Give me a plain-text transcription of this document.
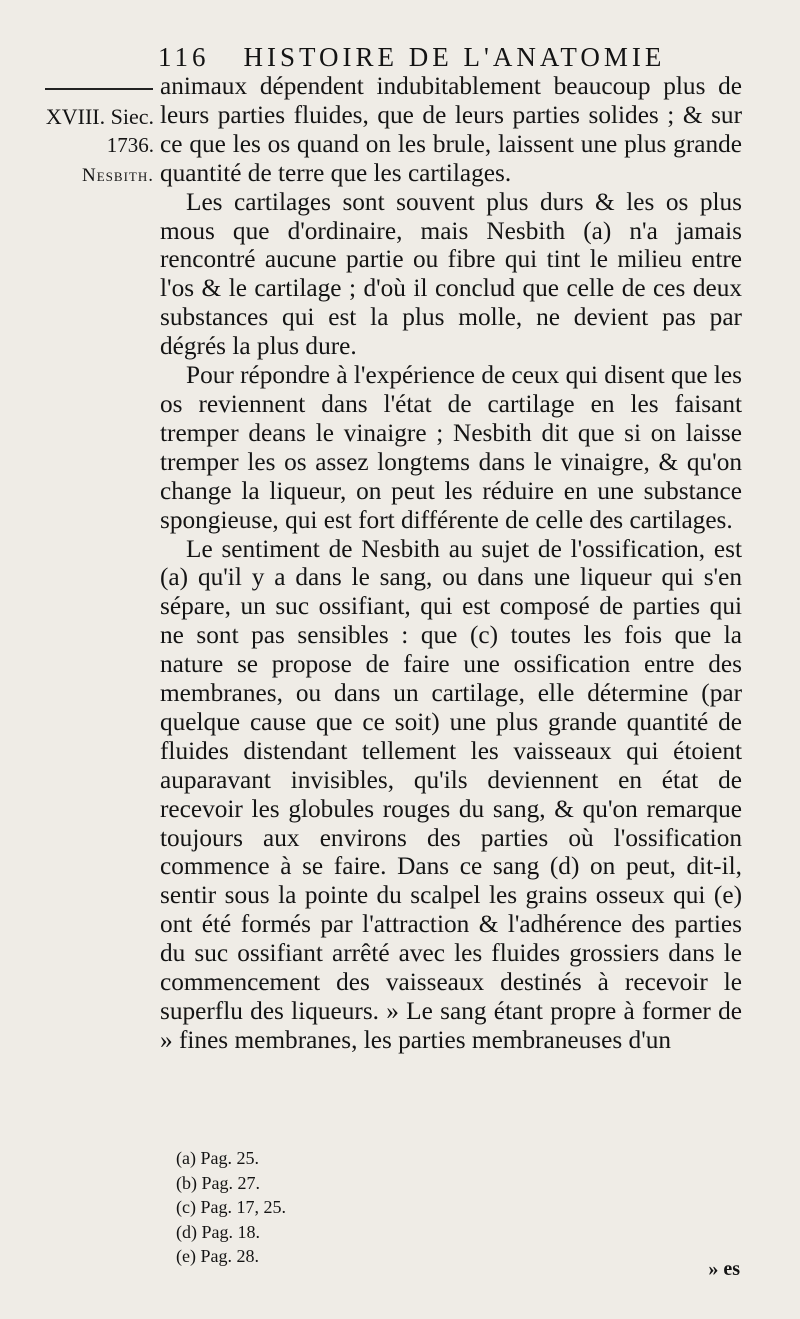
116 HISTOIRE DE L'ANATOMIE
XVIII. Siec.
1736.
Nesbith.

animaux dépendent indubitablement beaucoup plus de leurs parties fluides, que de leurs parties solides ; & sur ce que les os quand on les brule, laissent une plus grande quantité de terre que les cartilages.

Les cartilages sont souvent plus durs & les os plus mous que d'ordinaire, mais Nesbith (a) n'a jamais rencontré aucune partie ou fibre qui tint le milieu entre l'os & le cartilage ; d'où il conclud que celle de ces deux substances qui est la plus molle, ne devient pas par dégrés la plus dure.

Pour répondre à l'expérience de ceux qui disent que les os reviennent dans l'état de cartilage en les faisant tremper deans le vinaigre ; Nesbith dit que si on laisse tremper les os assez longtems dans le vinaigre, & qu'on change la liqueur, on peut les réduire en une substance spongieuse, qui est fort différente de celle des cartilages.

Le sentiment de Nesbith au sujet de l'ossification, est (a) qu'il y a dans le sang, ou dans une liqueur qui s'en sépare, un suc ossifiant, qui est composé de parties qui ne sont pas sensibles : que (c) toutes les fois que la nature se propose de faire une ossification entre des membranes, ou dans un cartilage, elle détermine (par quelque cause que ce soit) une plus grande quantité de fluides distendant tellement les vaisseaux qui étoient auparavant invisibles, qu'ils deviennent en état de recevoir les globules rouges du sang, & qu'on remarque toujours aux environs des parties où l'ossification commence à se faire. Dans ce sang (d) on peut, dit-il, sentir sous la pointe du scalpel les grains osseux qui (e) ont été formés par l'attraction & l'adhérence des parties du suc ossifiant arrêté avec les fluides grossiers dans le commencement des vaisseaux destinés à recevoir le superflu des liqueurs. » Le sang étant propre à former de » fines membranes, les parties membraneuses d'un

(a) Pag. 25.
(b) Pag. 27.
(c) Pag. 17, 25.
(d) Pag. 18.
(e) Pag. 28.
» es
